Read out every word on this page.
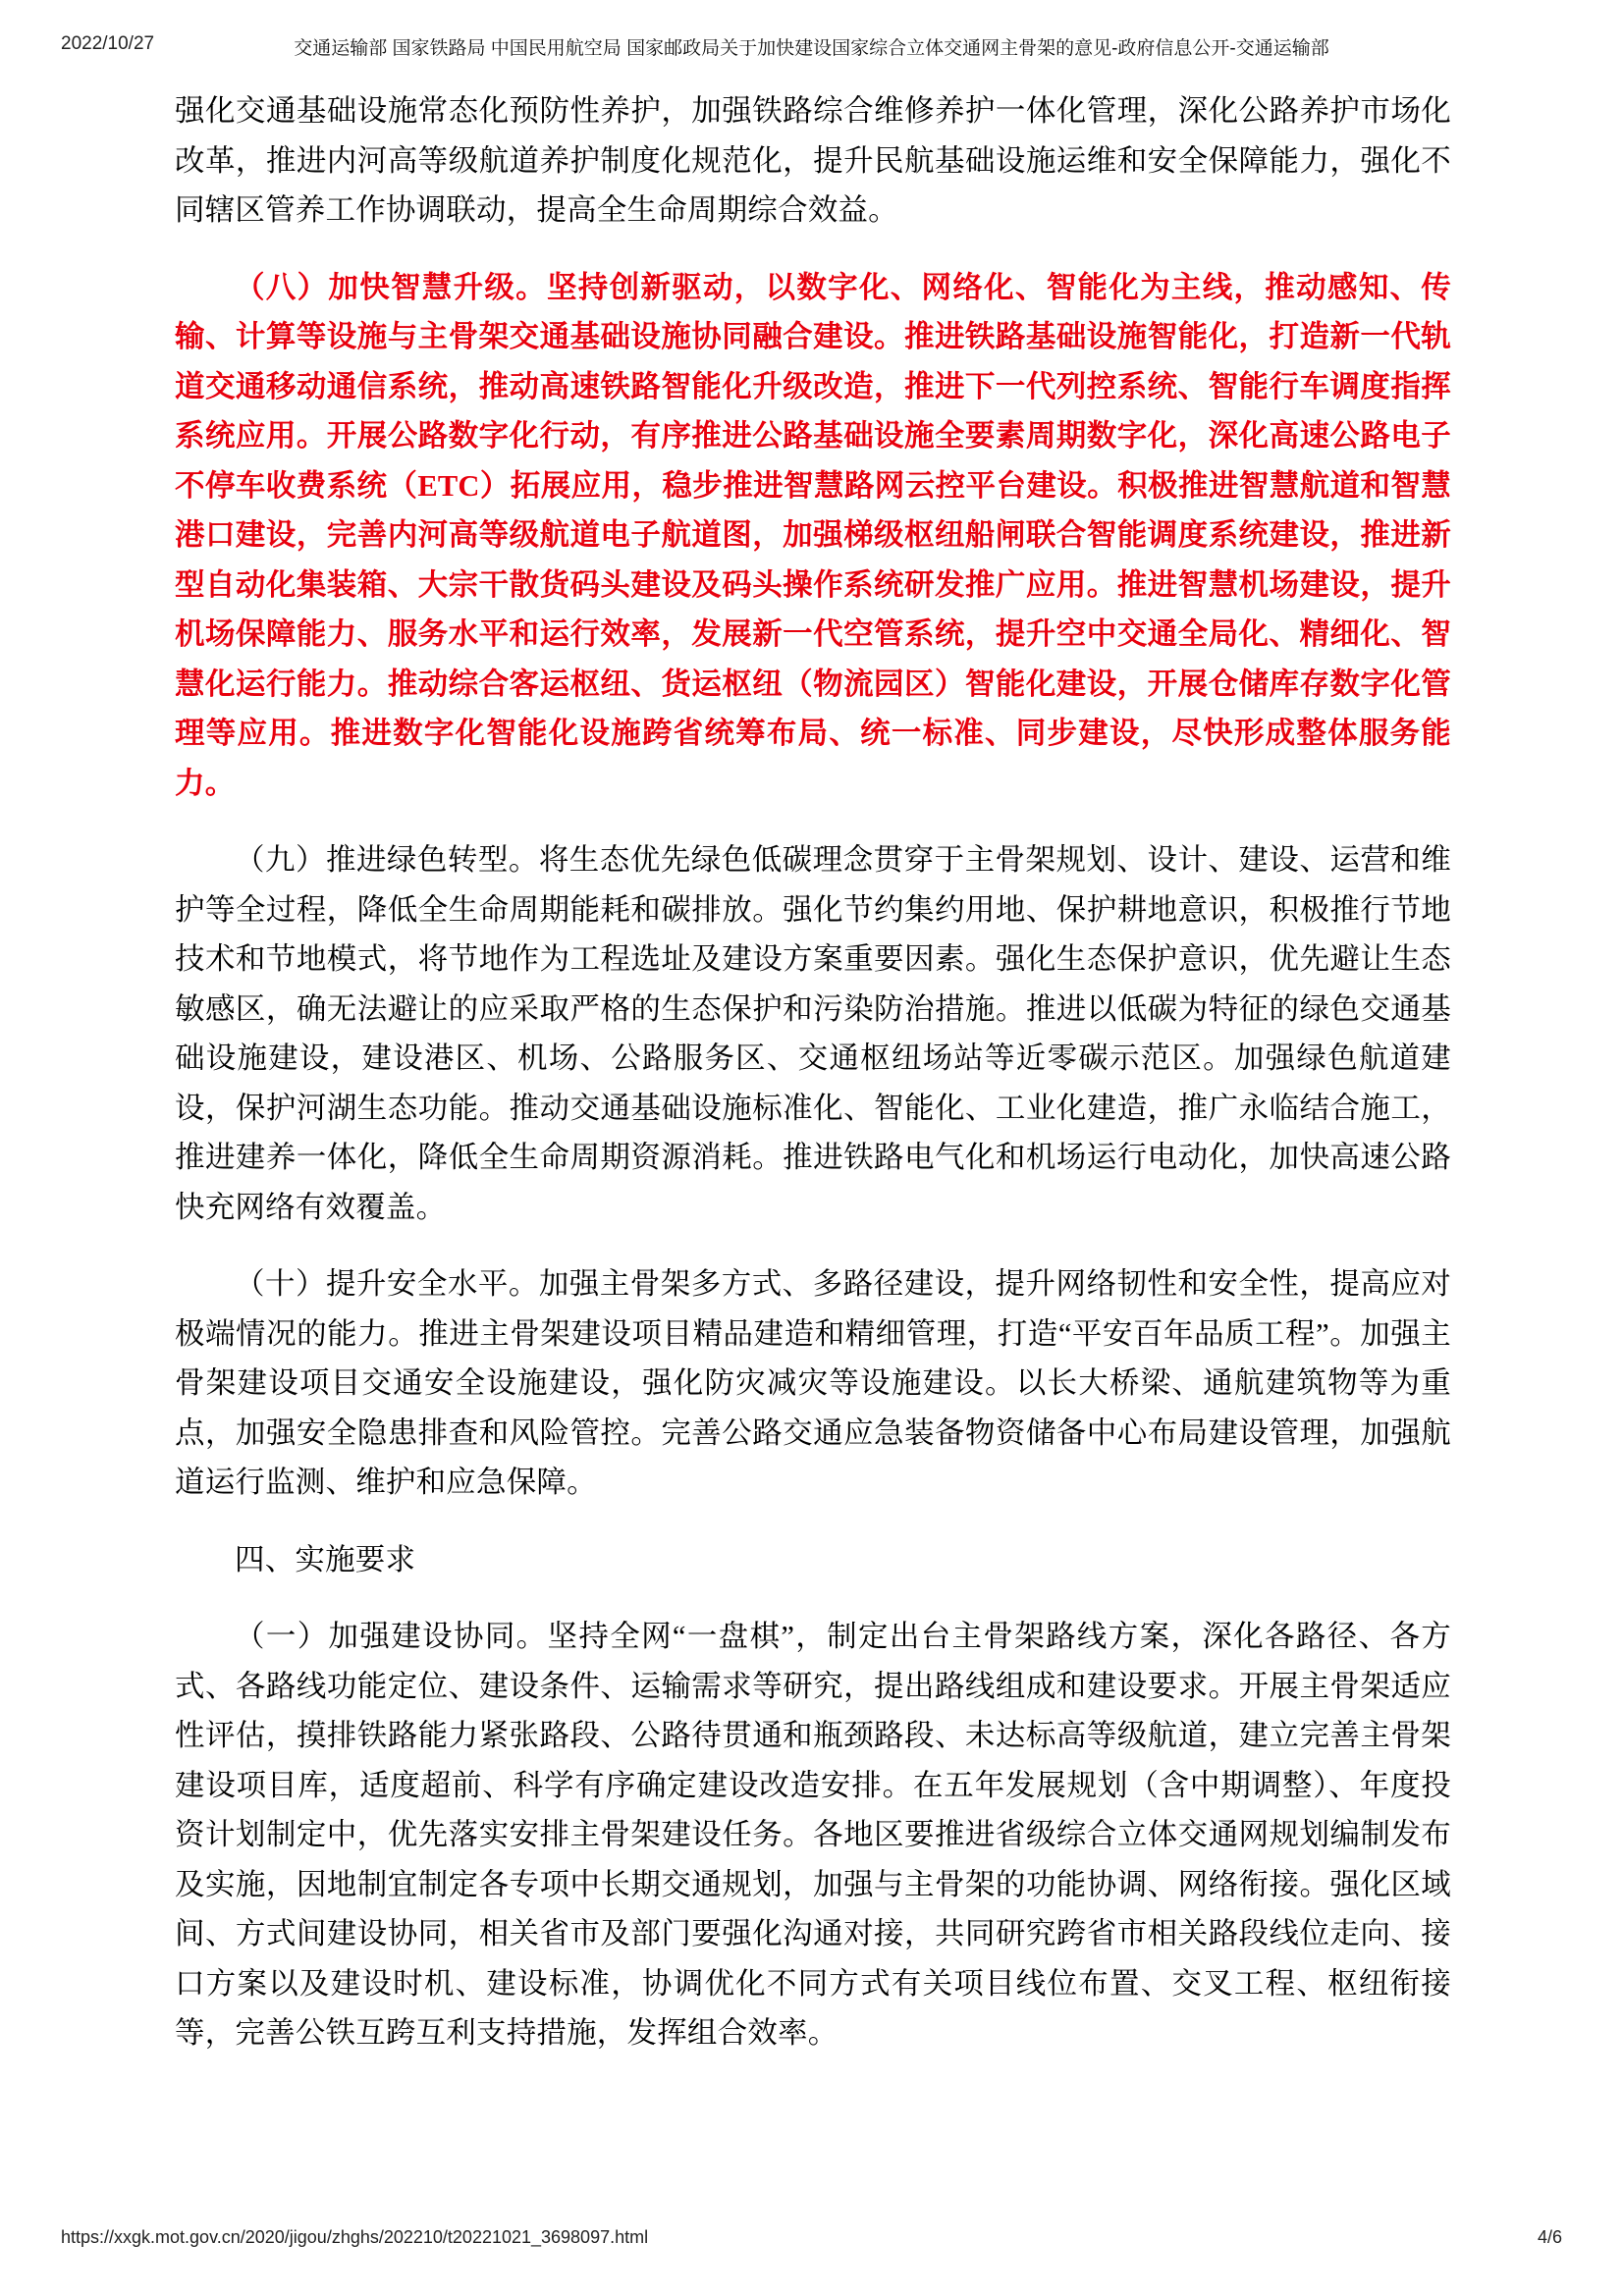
2022/10/27	交通运输部 国家铁路局 中国民用航空局 国家邮政局关于加快建设国家综合立体交通网主骨架的意见-政府信息公开-交通运输部

强化交通基础设施常态化预防性养护，加强铁路综合维修养护一体化管理，深化公路养护市场化改革，推进内河高等级航道养护制度化规范化，提升民航基础设施运维和安全保障能力，强化不同辖区管养工作协调联动，提高全生命周期综合效益。

（八）加快智慧升级。坚持创新驱动，以数字化、网络化、智能化为主线，推动感知、传输、计算等设施与主骨架交通基础设施协同融合建设。推进铁路基础设施智能化，打造新一代轨道交通移动通信系统，推动高速铁路智能化升级改造，推进下一代列控系统、智能行车调度指挥系统应用。开展公路数字化行动，有序推进公路基础设施全要素周期数字化，深化高速公路电子不停车收费系统（ETC）拓展应用，稳步推进智慧路网云控平台建设。积极推进智慧航道和智慧港口建设，完善内河高等级航道电子航道图，加强梯级枢纽船闸联合智能调度系统建设，推进新型自动化集装箱、大宗干散货码头建设及码头操作系统研发推广应用。推进智慧机场建设，提升机场保障能力、服务水平和运行效率，发展新一代空管系统，提升空中交通全局化、精细化、智慧化运行能力。推动综合客运枢纽、货运枢纽（物流园区）智能化建设，开展仓储库存数字化管理等应用。推进数字化智能化设施跨省统筹布局、统一标准、同步建设，尽快形成整体服务能力。

（九）推进绿色转型。将生态优先绿色低碳理念贯穿于主骨架规划、设计、建设、运营和维护等全过程，降低全生命周期能耗和碳排放。强化节约集约用地、保护耕地意识，积极推行节地技术和节地模式，将节地作为工程选址及建设方案重要因素。强化生态保护意识，优先避让生态敏感区，确无法避让的应采取严格的生态保护和污染防治措施。推进以低碳为特征的绿色交通基础设施建设，建设港区、机场、公路服务区、交通枢纽场站等近零碳示范区。加强绿色航道建设，保护河湖生态功能。推动交通基础设施标准化、智能化、工业化建造，推广永临结合施工，推进建养一体化，降低全生命周期资源消耗。推进铁路电气化和机场运行电动化，加快高速公路快充网络有效覆盖。

（十）提升安全水平。加强主骨架多方式、多路径建设，提升网络韧性和安全性，提高应对极端情况的能力。推进主骨架建设项目精品建造和精细管理，打造“平安百年品质工程”。加强主骨架建设项目交通安全设施建设，强化防灾减灾等设施建设。以长大桥梁、通航建筑物等为重点，加强安全隐患排查和风险管控。完善公路交通应急装备物资储备中心布局建设管理，加强航道运行监测、维护和应急保障。

四、实施要求

（一）加强建设协同。坚持全网“一盘棋”，制定出台主骨架路线方案，深化各路径、各方式、各路线功能定位、建设条件、运输需求等研究，提出路线组成和建设要求。开展主骨架适应性评估，摸排铁路能力紧张路段、公路待贯通和瓶颈路段、未达标高等级航道，建立完善主骨架建设项目库，适度超前、科学有序确定建设改造安排。在五年发展规划（含中期调整）、年度投资计划制定中，优先落实安排主骨架建设任务。各地区要推进省级综合立体交通网规划编制发布及实施，因地制宜制定各专项中长期交通规划，加强与主骨架的功能协调、网络衔接。强化区域间、方式间建设协同，相关省市及部门要强化沟通对接，共同研究跨省市相关路段线位走向、接口方案以及建设时机、建设标准，协调优化不同方式有关项目线位布置、交叉工程、枢纽衔接等，完善公铁互跨互利支持措施，发挥组合效率。

https://xxgk.mot.gov.cn/2020/jigou/zhghs/202210/t20221021_3698097.html	4/6
